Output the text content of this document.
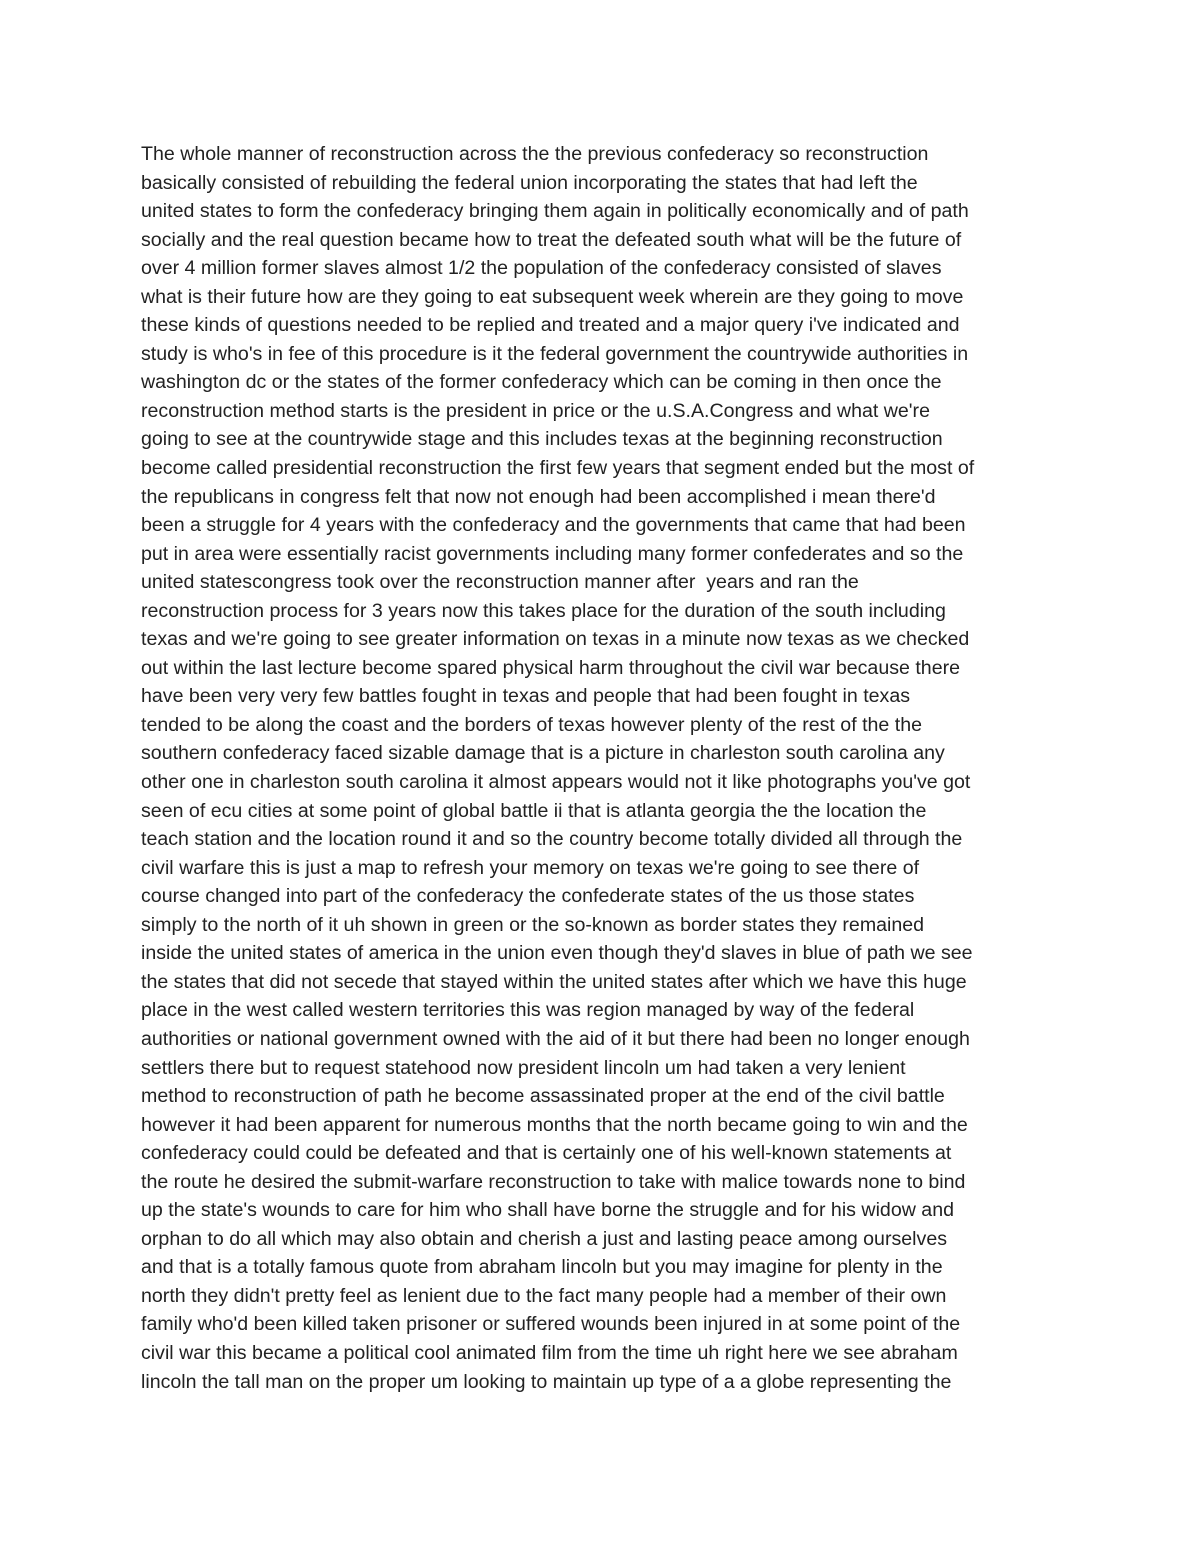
The whole manner of reconstruction across the the previous confederacy so reconstruction
basically consisted of rebuilding the federal union incorporating the states that had left the
united states to form the confederacy bringing them again in politically economically and of path
socially and the real question became how to treat the defeated south what will be the future of
over 4 million former slaves almost 1/2 the population of the confederacy consisted of slaves
what is their future how are they going to eat subsequent week wherein are they going to move
these kinds of questions needed to be replied and treated and a major query i've indicated and
study is who's in fee of this procedure is it the federal government the countrywide authorities in
washington dc or the states of the former confederacy which can be coming in then once the
reconstruction method starts is the president in price or the u.S.A.Congress and what we're
going to see at the countrywide stage and this includes texas at the beginning reconstruction
become called presidential reconstruction the first few years that segment ended but the most of
the republicans in congress felt that now not enough had been accomplished i mean there'd
been a struggle for 4 years with the confederacy and the governments that came that had been
put in area were essentially racist governments including many former confederates and so the
united statescongress took over the reconstruction manner after  years and ran the
reconstruction process for 3 years now this takes place for the duration of the south including
texas and we're going to see greater information on texas in a minute now texas as we checked
out within the last lecture become spared physical harm throughout the civil war because there
have been very very few battles fought in texas and people that had been fought in texas
tended to be along the coast and the borders of texas however plenty of the rest of the the
southern confederacy faced sizable damage that is a picture in charleston south carolina any
other one in charleston south carolina it almost appears would not it like photographs you've got
seen of ecu cities at some point of global battle ii that is atlanta georgia the the location the
teach station and the location round it and so the country become totally divided all through the
civil warfare this is just a map to refresh your memory on texas we're going to see there of
course changed into part of the confederacy the confederate states of the us those states
simply to the north of it uh shown in green or the so-known as border states they remained
inside the united states of america in the union even though they'd slaves in blue of path we see
the states that did not secede that stayed within the united states after which we have this huge
place in the west called western territories this was region managed by way of the federal
authorities or national government owned with the aid of it but there had been no longer enough
settlers there but to request statehood now president lincoln um had taken a very lenient
method to reconstruction of path he become assassinated proper at the end of the civil battle
however it had been apparent for numerous months that the north became going to win and the
confederacy could could be defeated and that is certainly one of his well-known statements at
the route he desired the submit-warfare reconstruction to take with malice towards none to bind
up the state's wounds to care for him who shall have borne the struggle and for his widow and
orphan to do all which may also obtain and cherish a just and lasting peace among ourselves
and that is a totally famous quote from abraham lincoln but you may imagine for plenty in the
north they didn't pretty feel as lenient due to the fact many people had a member of their own
family who'd been killed taken prisoner or suffered wounds been injured in at some point of the
civil war this became a political cool animated film from the time uh right here we see abraham
lincoln the tall man on the proper um looking to maintain up type of a a globe representing the
